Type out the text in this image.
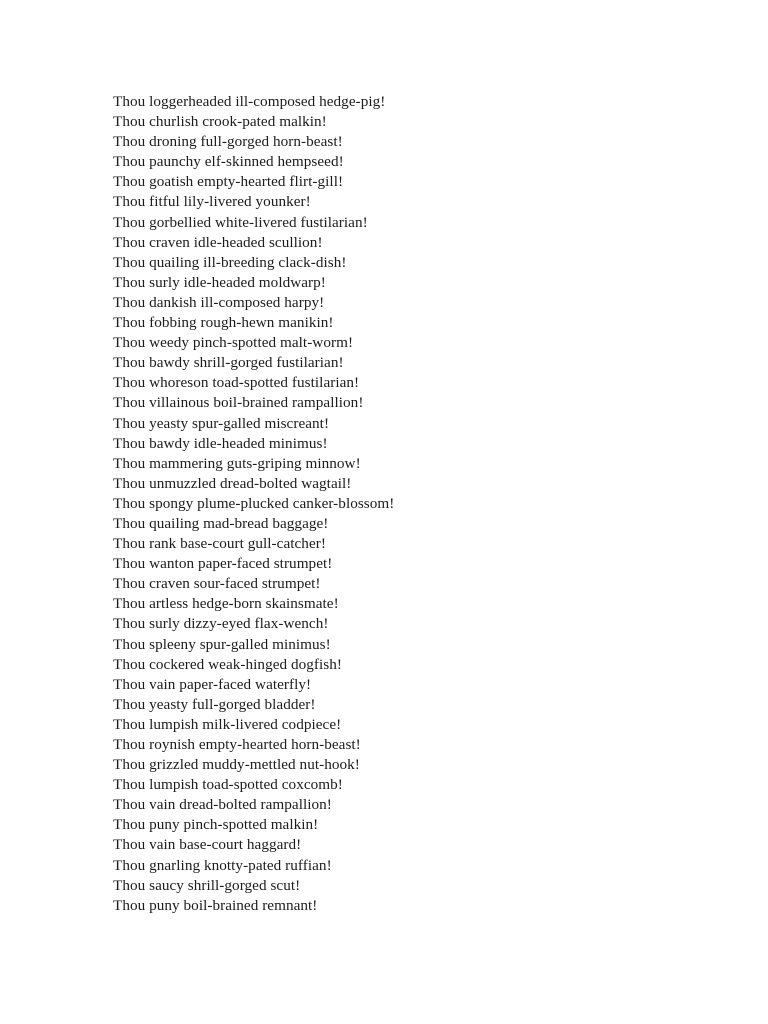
Thou loggerheaded ill-composed hedge-pig!
Thou churlish crook-pated malkin!
Thou droning full-gorged horn-beast!
Thou paunchy elf-skinned hempseed!
Thou goatish empty-hearted flirt-gill!
Thou fitful lily-livered younker!
Thou gorbellied white-livered fustilarian!
Thou craven idle-headed scullion!
Thou quailing ill-breeding clack-dish!
Thou surly idle-headed moldwarp!
Thou dankish ill-composed harpy!
Thou fobbing rough-hewn manikin!
Thou weedy pinch-spotted malt-worm!
Thou bawdy shrill-gorged fustilarian!
Thou whoreson toad-spotted fustilarian!
Thou villainous boil-brained rampallion!
Thou yeasty spur-galled miscreant!
Thou bawdy idle-headed minimus!
Thou mammering guts-griping minnow!
Thou unmuzzled dread-bolted wagtail!
Thou spongy plume-plucked canker-blossom!
Thou quailing mad-bread baggage!
Thou rank base-court gull-catcher!
Thou wanton paper-faced strumpet!
Thou craven sour-faced strumpet!
Thou artless hedge-born skainsmate!
Thou surly dizzy-eyed flax-wench!
Thou spleeny spur-galled minimus!
Thou cockered weak-hinged dogfish!
Thou vain paper-faced waterfly!
Thou yeasty full-gorged bladder!
Thou lumpish milk-livered codpiece!
Thou roynish empty-hearted horn-beast!
Thou grizzled muddy-mettled nut-hook!
Thou lumpish toad-spotted coxcomb!
Thou vain dread-bolted rampallion!
Thou puny pinch-spotted malkin!
Thou vain base-court haggard!
Thou gnarling knotty-pated ruffian!
Thou saucy shrill-gorged scut!
Thou puny boil-brained remnant!
